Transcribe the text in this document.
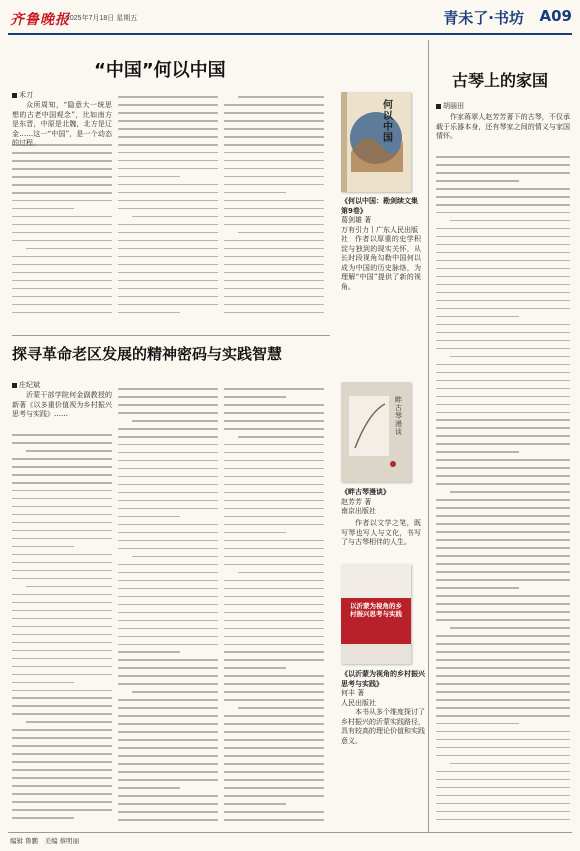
齐鲁晚报
2025年7月18日 星期五	青未了·书坊 A09
“中国”何以中国
禾刀

众所周知，“隐意大一统思想的古老中国观念”，比如南方是东晋，中原是北魏，北方是辽金……这一“中国”，是一个动态

何以中国
《何以中国：勘剑续文集第9卷》
葛剑雄 著
万有引力丨广东人民出版社	作者以厚重的史学积淀与独到的现实关怀，从长时段视角勾勒中国何以成为中国的历史脉络，为理解“中国”提供了新的视角。

探寻革命老区发展的精神密码与实践智慧
庄纪斌

沂蒙干部学院何金副教授的新著《以多重价值视为乡村振兴思考与实践》……

畔古琴漫谈
《畔古琴漫谈》
赵芳芳 著
南京出版社

作者以文学之笔，既写琴也写人与文化，书写了与古琴相伴的人生。

以沂蒙为视角的乡村振兴思考与实践
《以沂蒙为视角的乡村振兴思考与实践》
何丰 著
人民出版社

本书从多个维度探讨了乡村振兴的沂蒙实践路径，具有较高的理论价值和实践意义。

古琴上的家国
胡丽田

作家蒋翠人赵芳芳著下的古琴，不仅承载于乐器本身，还有琴家之间的情义与家国情怀。

编辑 鲁鹏　美编 蔡明丽
